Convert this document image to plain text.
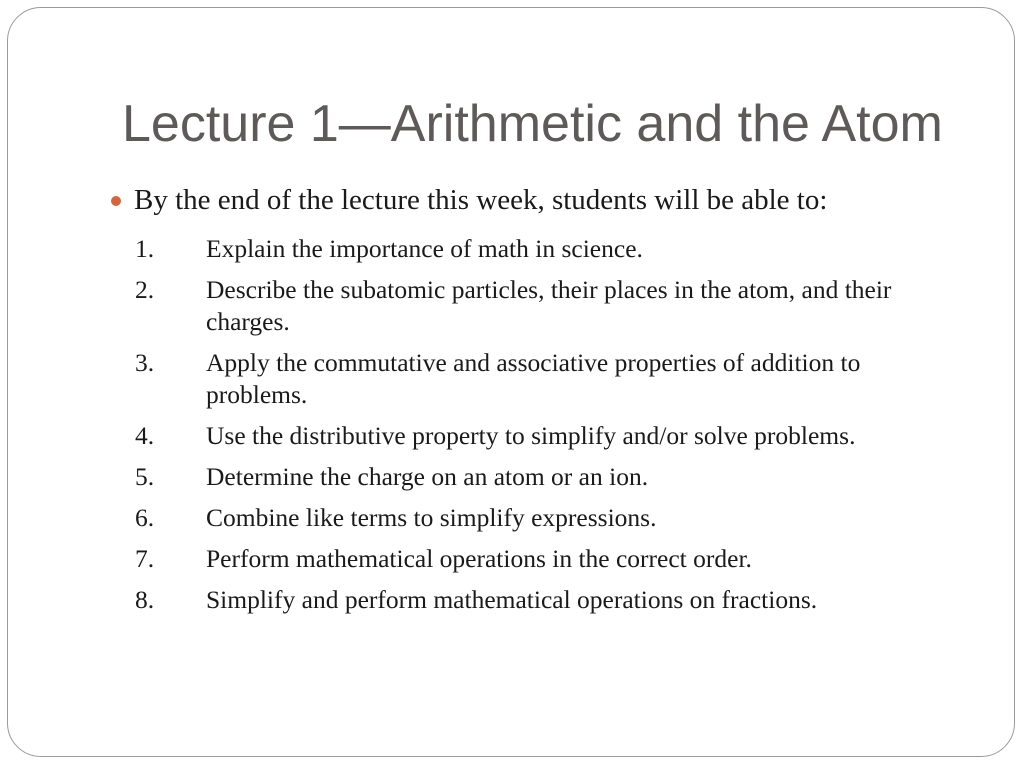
Lecture 1—Arithmetic and the Atom
By the end of the lecture this week, students will be able to:
1. Explain the importance of math in science.
2. Describe the subatomic particles, their places in the atom, and their charges.
3. Apply the commutative and associative properties of addition to problems.
4. Use the distributive property to simplify and/or solve problems.
5. Determine the charge on an atom or an ion.
6. Combine like terms to simplify expressions.
7. Perform mathematical operations in the correct order.
8. Simplify and perform mathematical operations on fractions.
